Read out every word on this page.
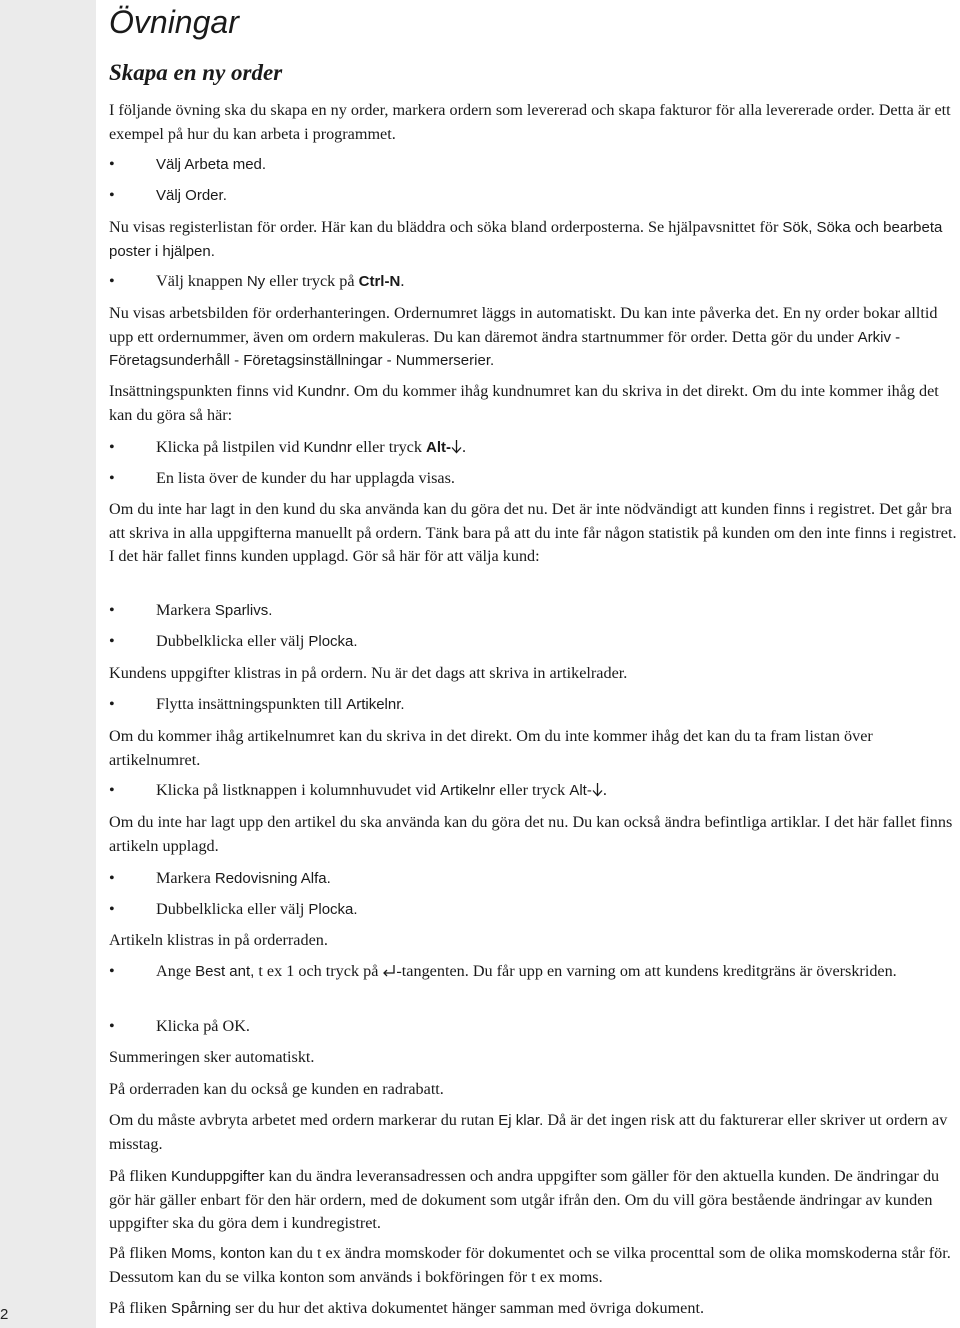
2
Övningar
Skapa en ny order

I följande övning ska du skapa en ny order, markera ordern som levererad och skapa fakturor för alla levererade order. Detta är ett exempel på hur du kan arbeta i programmet.

•	Välj Arbeta med.
•	Välj Order.

Nu visas registerlistan för order. Här kan du bläddra och söka bland orderposterna. Se hjälpavsnittet för Sök, Söka och bearbeta poster i hjälpen.

•	Välj knappen Ny eller tryck på Ctrl-N.

Nu visas arbetsbilden för orderhanteringen. Ordernumret läggs in automatiskt. Du kan inte påverka det. En ny order bokar alltid upp ett ordernummer, även om ordern makuleras. Du kan däremot ändra startnummer för order. Detta gör du under Arkiv - Företagsunderhåll - Företagsinställningar - Nummerserier.

Insättningspunkten finns vid Kundnr. Om du kommer ihåg kundnumret kan du skriva in det direkt. Om du inte kommer ihåg det kan du göra så här:

•	Klicka på listpilen vid Kundnr eller tryck Alt- .
•	En lista över de kunder du har upplagda visas.

Om du inte har lagt in den kund du ska använda kan du göra det nu. Det är inte nödvändigt att kunden finns i registret. Det går bra att skriva in alla uppgifterna manuellt på ordern. Tänk bara på att du inte får någon statistik på kunden om den inte finns i registret. I det här fallet finns kunden upplagd. Gör så här för att välja kund:

•	Markera Sparlivs.
•	Dubbelklicka eller välj Plocka.

Kundens uppgifter klistras in på ordern. Nu är det dags att skriva in artikelrader.

•	Flytta insättningspunkten till Artikelnr.

Om du kommer ihåg artikelnumret kan du skriva in det direkt. Om du inte kommer ihåg det kan du ta fram listan över artikelnumret.

•	Klicka på listknappen i kolumnhuvudet vid Artikelnr eller tryck Alt- .

Om du inte har lagt upp den artikel du ska använda kan du göra det nu. Du kan också ändra befintliga artiklar. I det här fallet finns artikeln upplagd.

•	Markera Redovisning Alfa.
•	Dubbelklicka eller välj Plocka.

Artikeln klistras in på orderraden.

•	Ange Best ant, t ex 1 och tryck på -tangenten. Du får upp en varning om att kundens kreditgräns är överskriden.
•	Klicka på OK.

Summeringen sker automatiskt.

På orderraden kan du också ge kunden en radrabatt.

Om du måste avbryta arbetet med ordern markerar du rutan Ej klar. Då är det ingen risk att du fakturerar eller skriver ut ordern av misstag.

På fliken Kunduppgifter kan du ändra leveransadressen och andra uppgifter som gäller för den aktuella kunden. De ändringar du gör här gäller enbart för den här ordern, med de dokument som utgår ifrån den. Om du vill göra bestående ändringar av kunden uppgifter ska du göra dem i kundregistret.

På fliken Moms, konton kan du t ex ändra momskoder för dokumentet och se vilka procenttal som de olika momskoderna står för. Dessutom kan du se vilka konton som används i bokföringen för t ex moms.

På fliken Spårning ser du hur det aktiva dokumentet hänger samman med övriga dokument.
